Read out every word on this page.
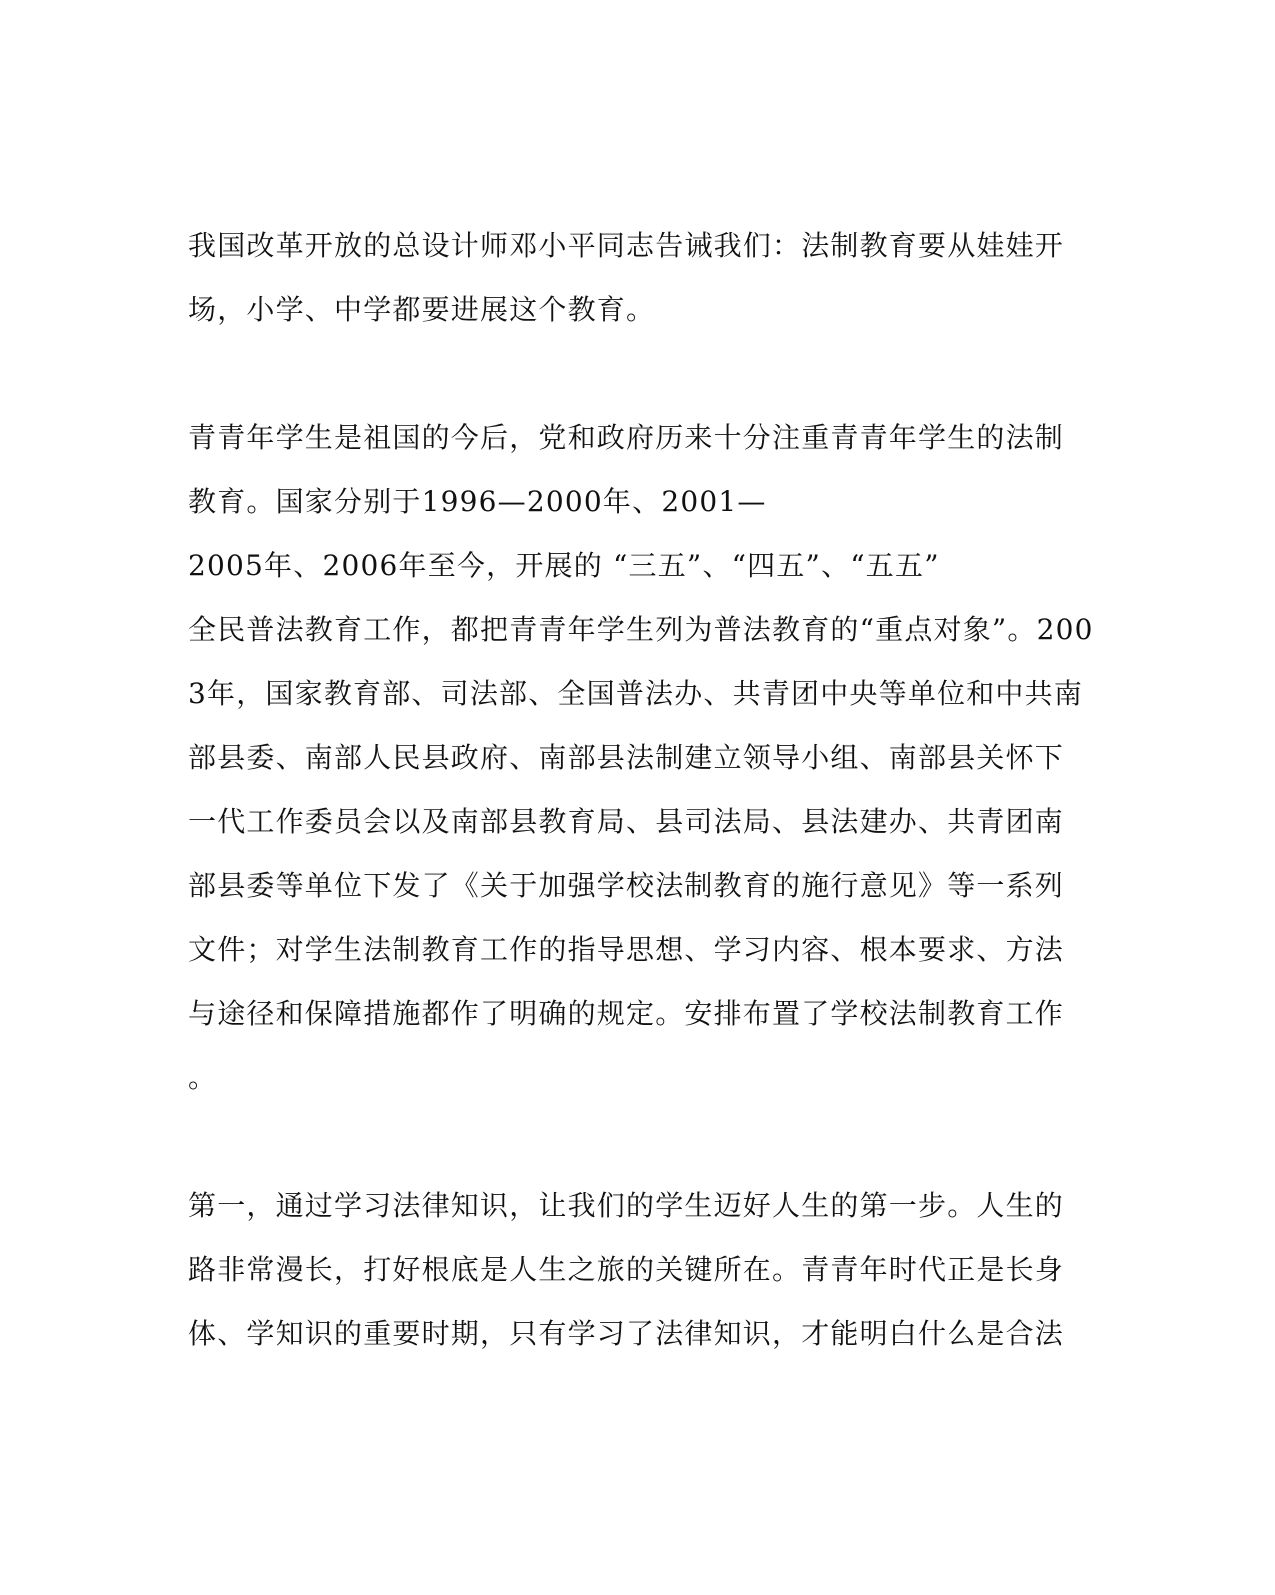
我国改革开放的总设计师邓小平同志告诫我们：法制教育要从娃娃开
场，小学、中学都要进展这个教育。
青青年学生是祖国的今后，党和政府历来十分注重青青年学生的法制
教育。国家分别于1996—2000年、2001—
2005年、2006年至今，开展的 “三五”、“四五”、“五五”
全民普法教育工作，都把青青年学生列为普法教育的“重点对象”。200
3年，国家教育部、司法部、全国普法办、共青团中央等单位和中共南
部县委、南部人民县政府、南部县法制建立领导小组、南部县关怀下
一代工作委员会以及南部县教育局、县司法局、县法建办、共青团南
部县委等单位下发了《关于加强学校法制教育的施行意见》等一系列
文件；对学生法制教育工作的指导思想、学习内容、根本要求、方法
与途径和保障措施都作了明确的规定。安排布置了学校法制教育工作
。
第一，通过学习法律知识，让我们的学生迈好人生的第一步。人生的
路非常漫长，打好根底是人生之旅的关键所在。青青年时代正是长身
体、学知识的重要时期，只有学习了法律知识，才能明白什么是合法
